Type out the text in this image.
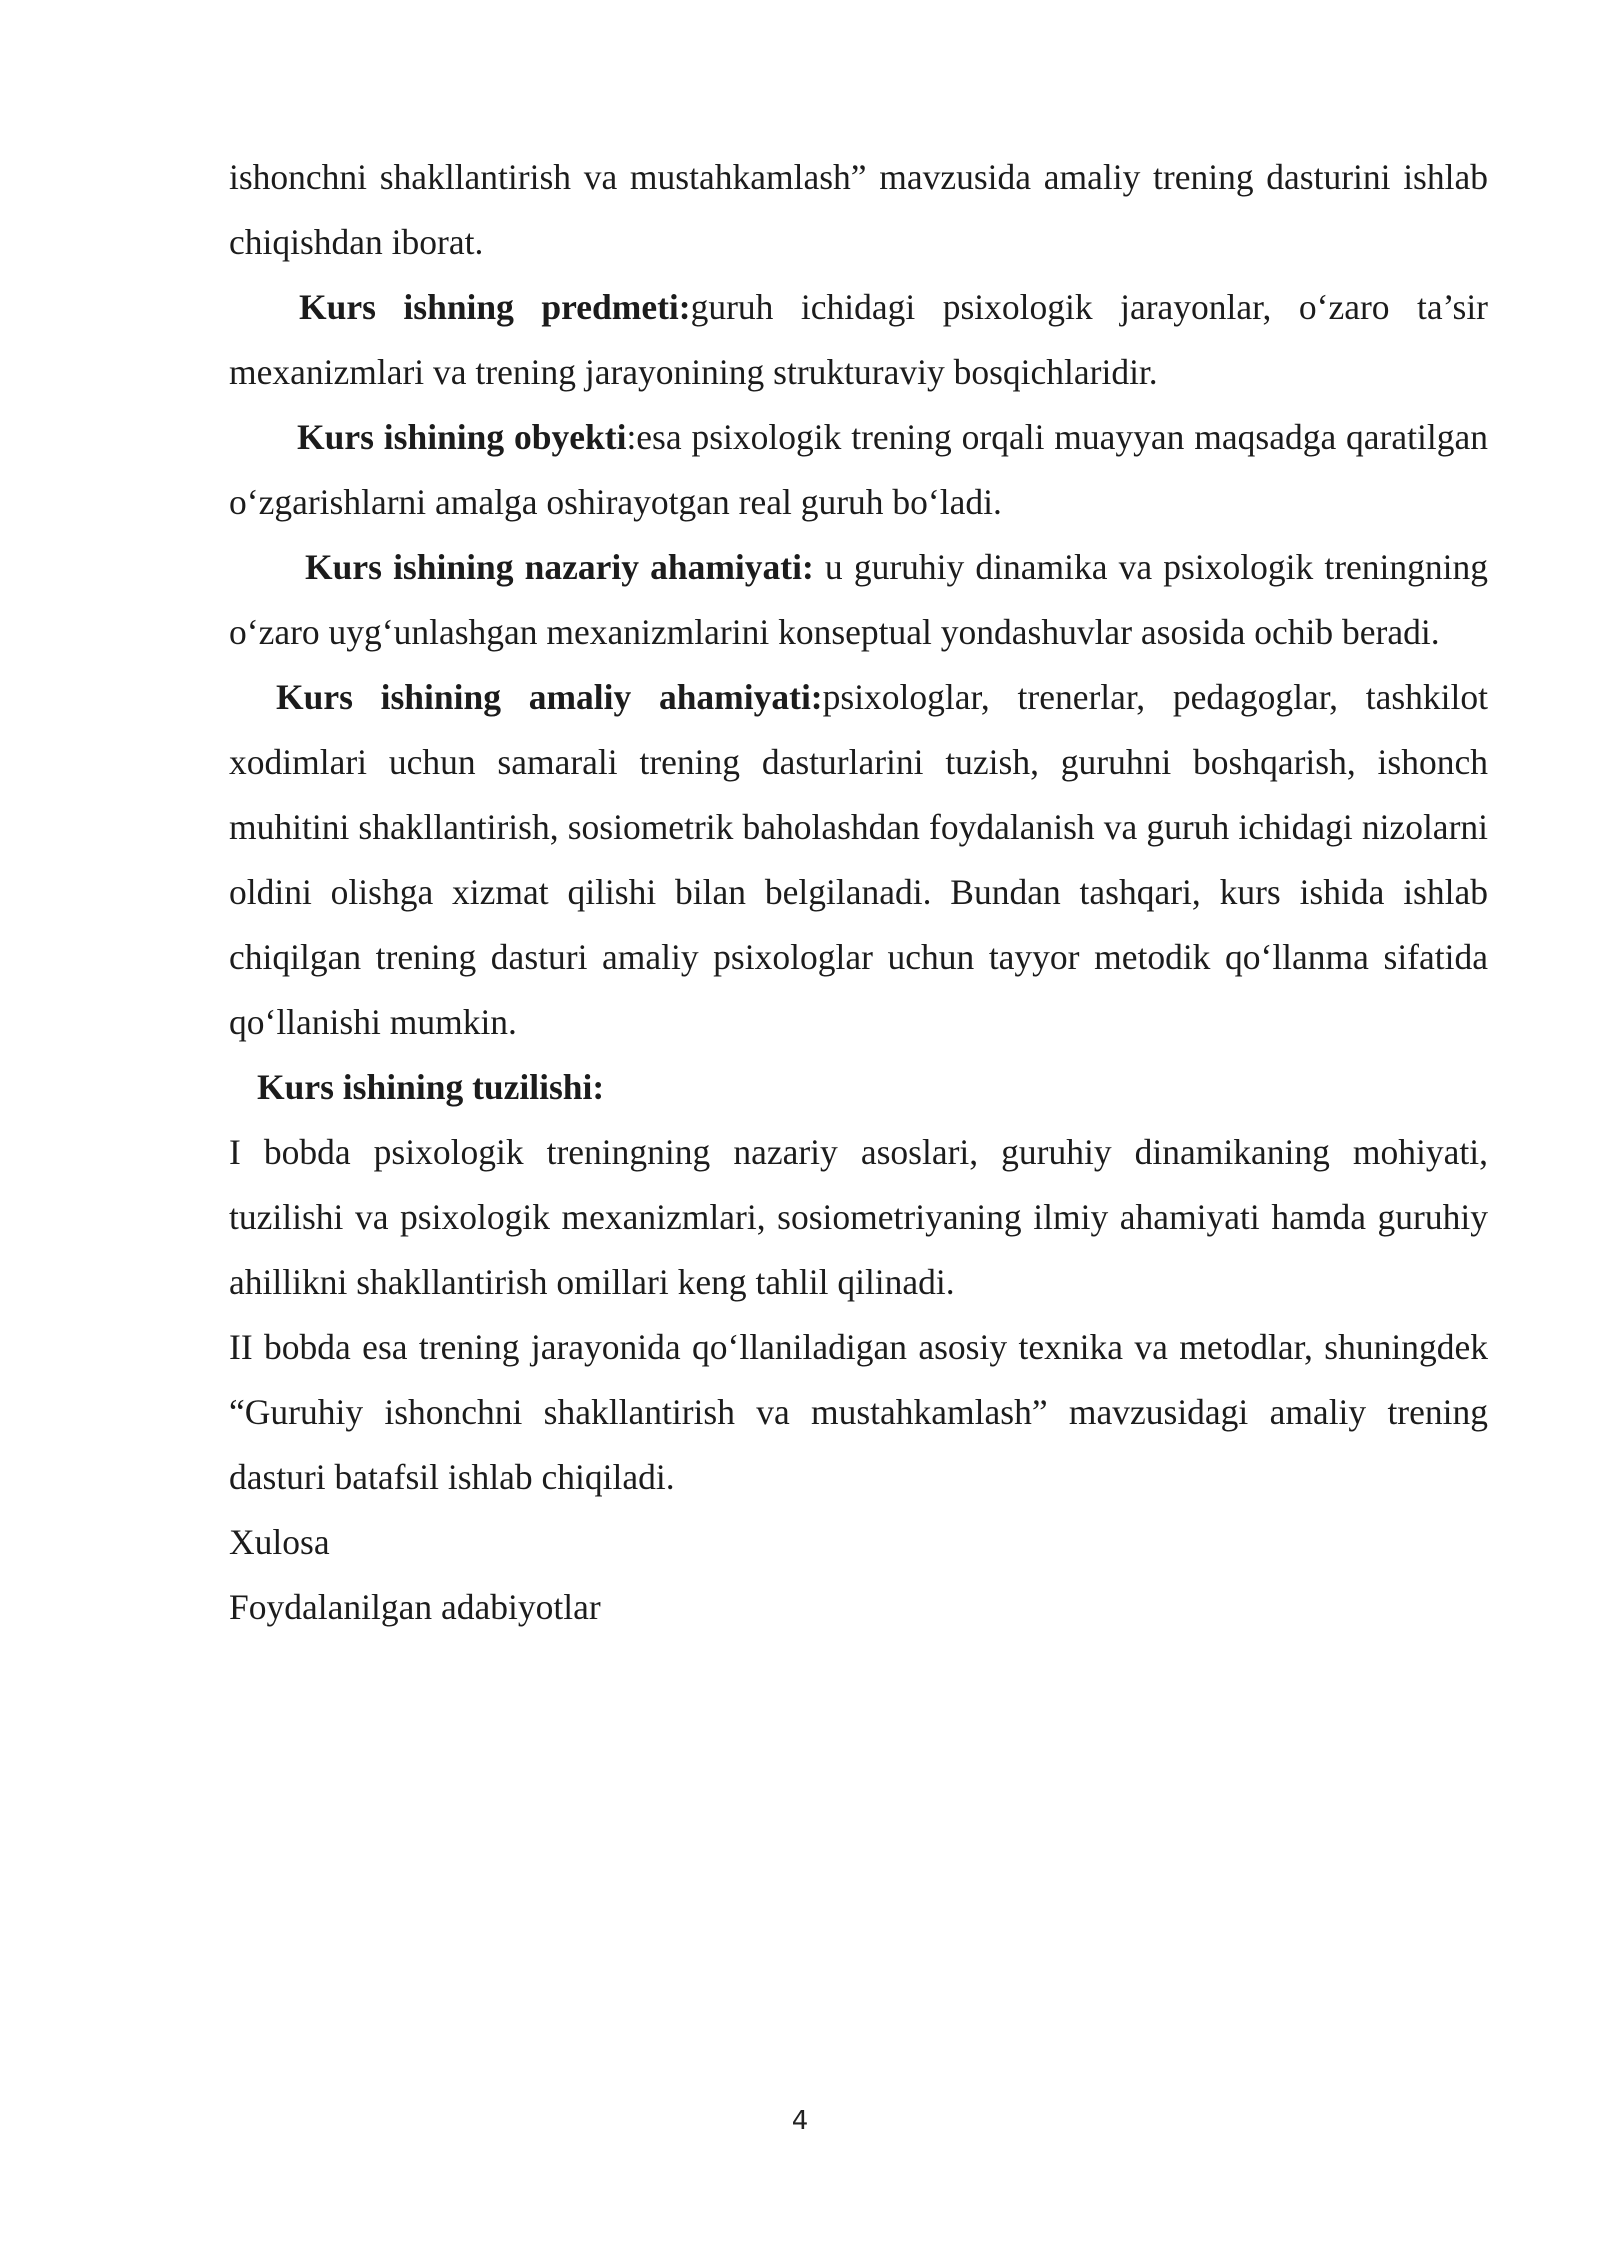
ishonchni shakllantirish va mustahkamlash” mavzusida amaliy trening dasturini ishlab chiqishdan iborat.

Kurs ishning predmeti:guruh ichidagi psixologik jarayonlar, o‘zaro ta’sir mexanizmlari va trening jarayonining strukturaviy bosqichlaridir.

Kurs ishining obyekti:esa psixologik trening orqali muayyan maqsadga qaratilgan o‘zgarishlarni amalga oshirayotgan real guruh bo‘ladi.

Kurs ishining nazariy ahamiyati: u guruhiy dinamika va psixologik treningning o‘zaro uyg‘unlashgan mexanizmlarini konseptual yondashuvlar asosida ochib beradi.

Kurs ishining amaliy ahamiyati:psixologlar, trenerlar, pedagoglar, tashkilot xodimlari uchun samarali trening dasturlarini tuzish, guruhni boshqarish, ishonch muhitini shakllantirish, sosiometrik baholashdan foydalanish va guruh ichidagi nizolarni oldini olishga xizmat qilishi bilan belgilanadi. Bundan tashqari, kurs ishida ishlab chiqilgan trening dasturi amaliy psixologlar uchun tayyor metodik qo‘llanma sifatida qo‘llanishi mumkin.

Kurs ishining tuzilishi:

I bobda psixologik treningning nazariy asoslari, guruhiy dinamikaning mohiyati, tuzilishi va psixologik mexanizmlari, sosiometriyaning ilmiy ahamiyati hamda guruhiy ahillikni shakllantirish omillari keng tahlil qilinadi.

II bobda esa trening jarayonida qo‘llaniladigan asosiy texnika va metodlar, shuningdek “Guruhiy ishonchni shakllantirish va mustahkamlash” mavzusidagi amaliy trening dasturi batafsil ishlab chiqiladi.

Xulosa

Foydalanilgan adabiyotlar

4
